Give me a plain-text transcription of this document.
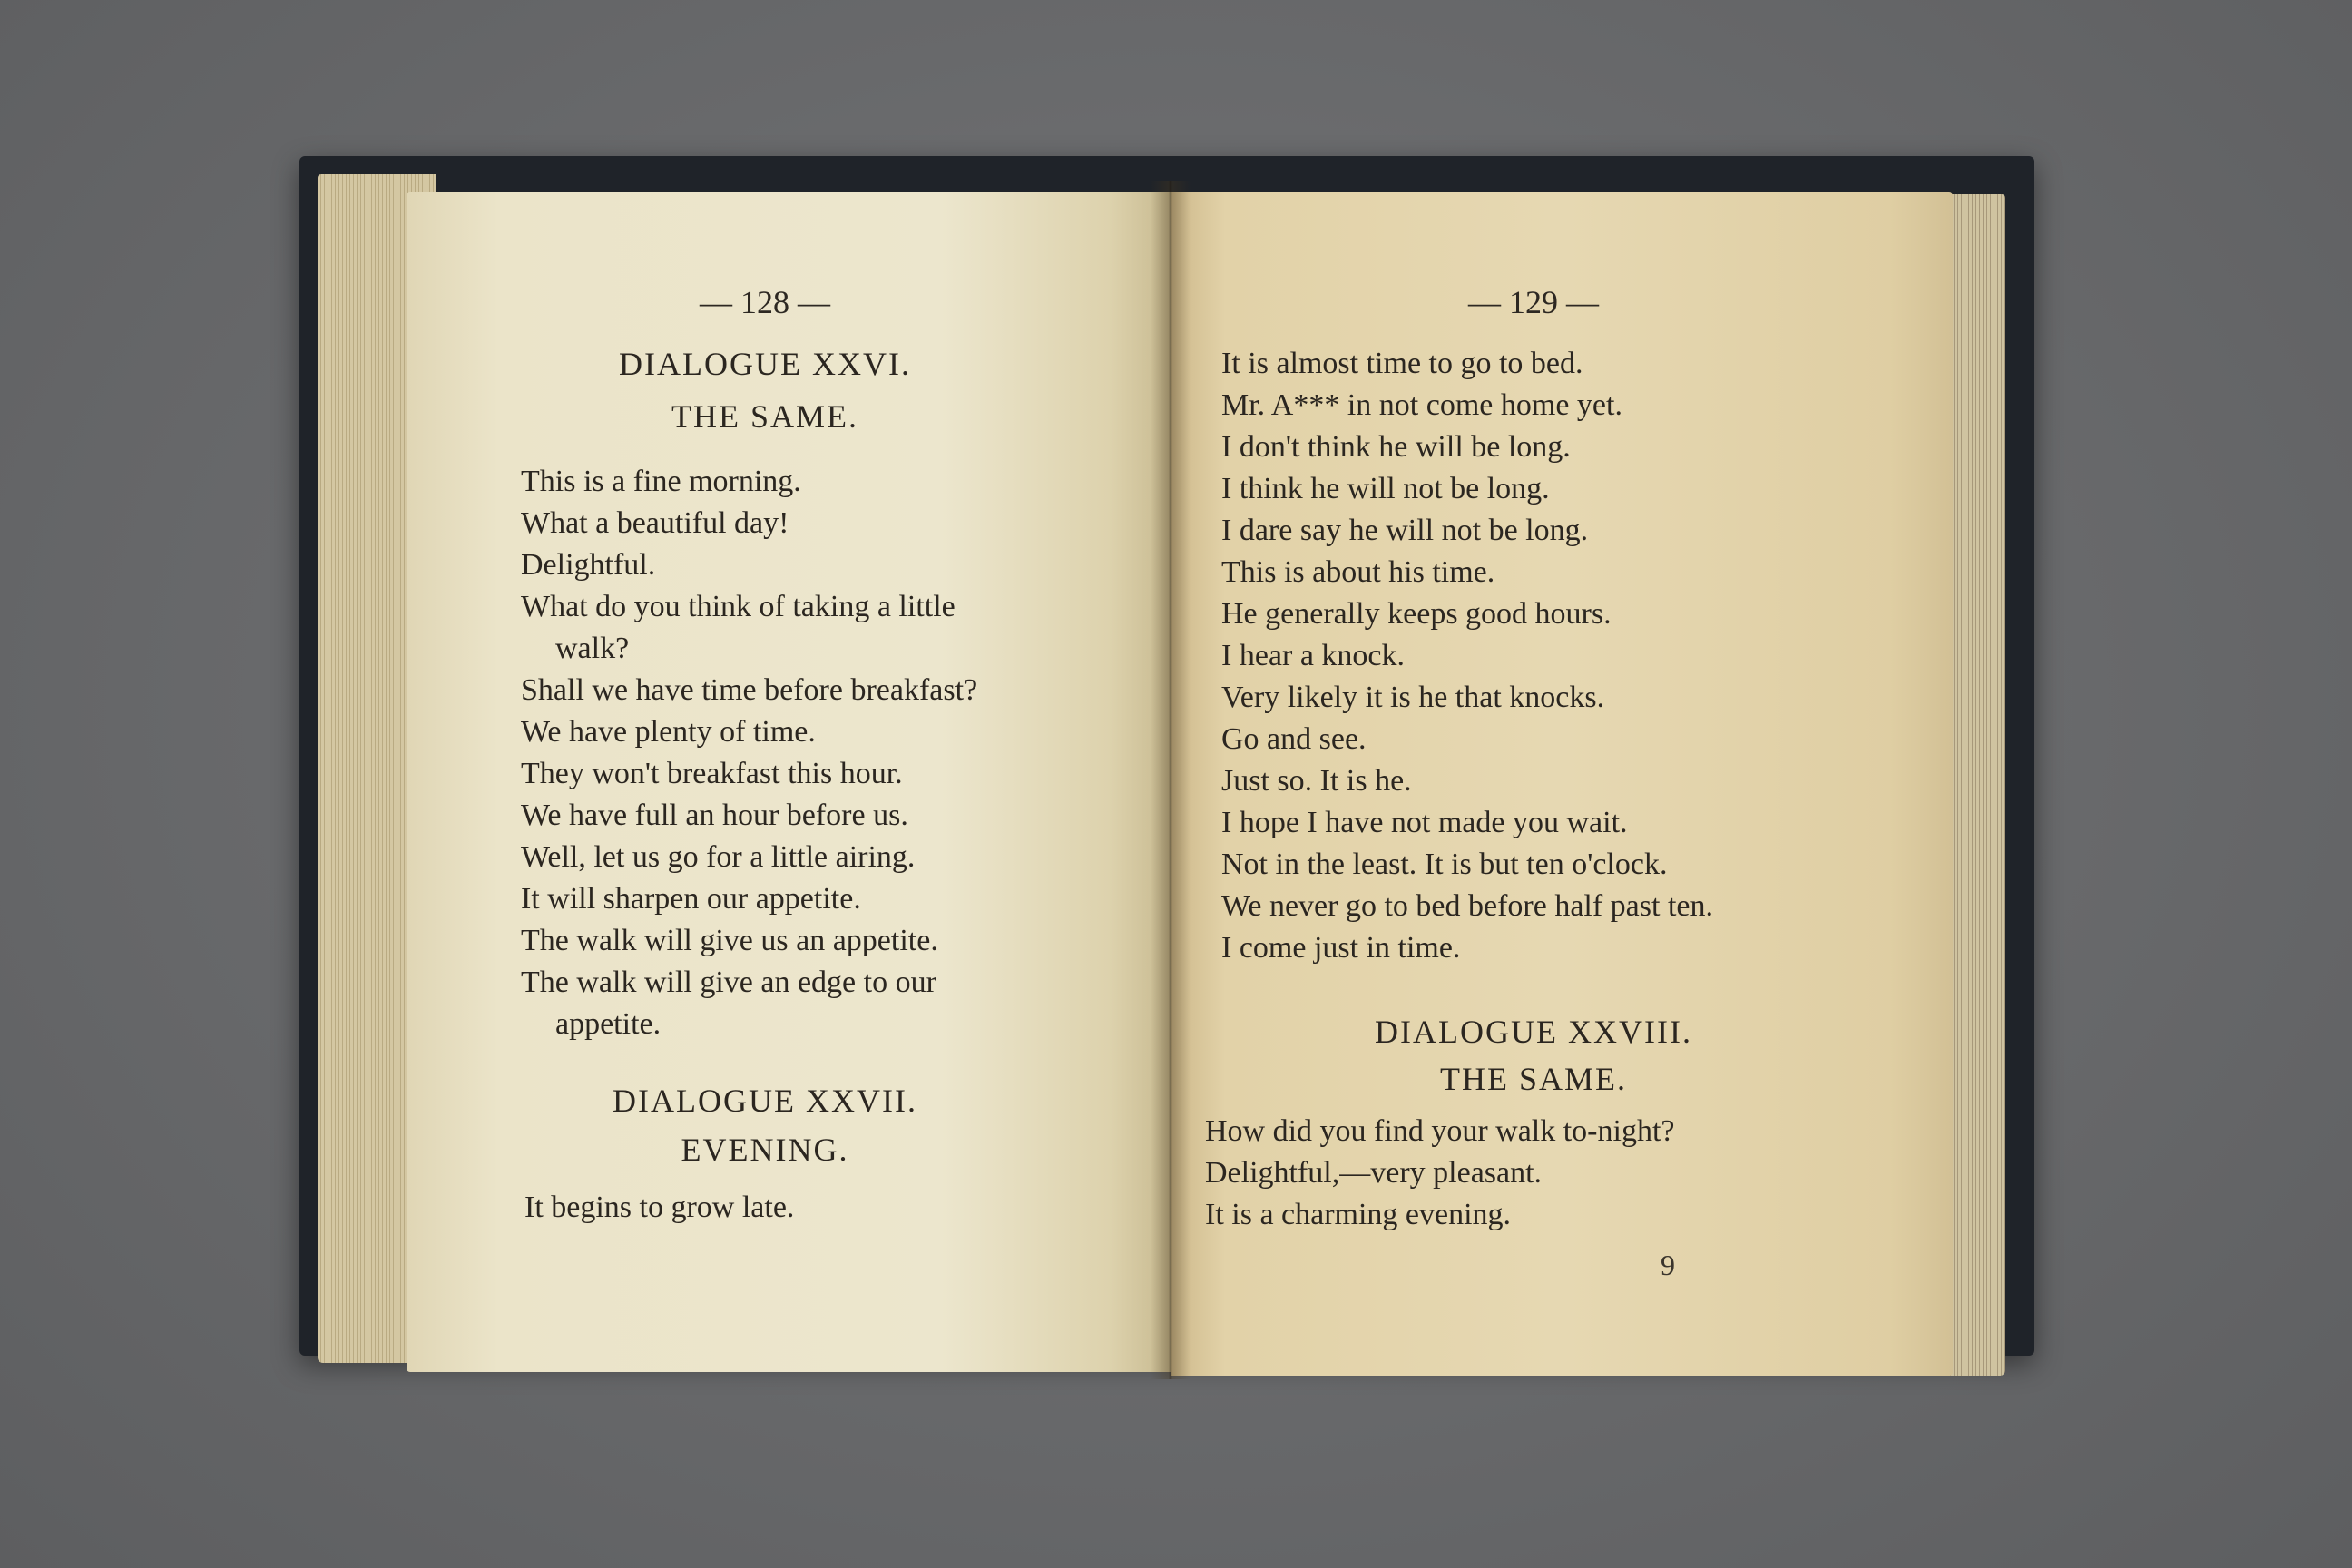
— 128 —
DIALOGUE XXVI.
THE SAME.
This is a fine morning.
What a beautiful day!
Delightful.
What do you think of taking a little
walk?
Shall we have time before breakfast?
We have plenty of time.
They won't breakfast this hour.
We have full an hour before us.
Well, let us go for a little airing.
It will sharpen our appetite.
The walk will give us an appetite.
The walk will give an edge to our
appetite.
DIALOGUE XXVII.
EVENING.
It begins to grow late.
— 129 —
It is almost time to go to bed.
Mr. A*** in not come home yet.
I don't think he will be long.
I think he will not be long.
I dare say he will not be long.
This is about his time.
He generally keeps good hours.
I hear a knock.
Very likely it is he that knocks.
Go and see.
Just so. It is he.
I hope I have not made you wait.
Not in the least. It is but ten o'clock.
We never go to bed before half past ten.
I come just in time.
DIALOGUE XXVIII.
THE SAME.
How did you find your walk to-night?
Delightful,—very pleasant.
It is a charming evening.
9
